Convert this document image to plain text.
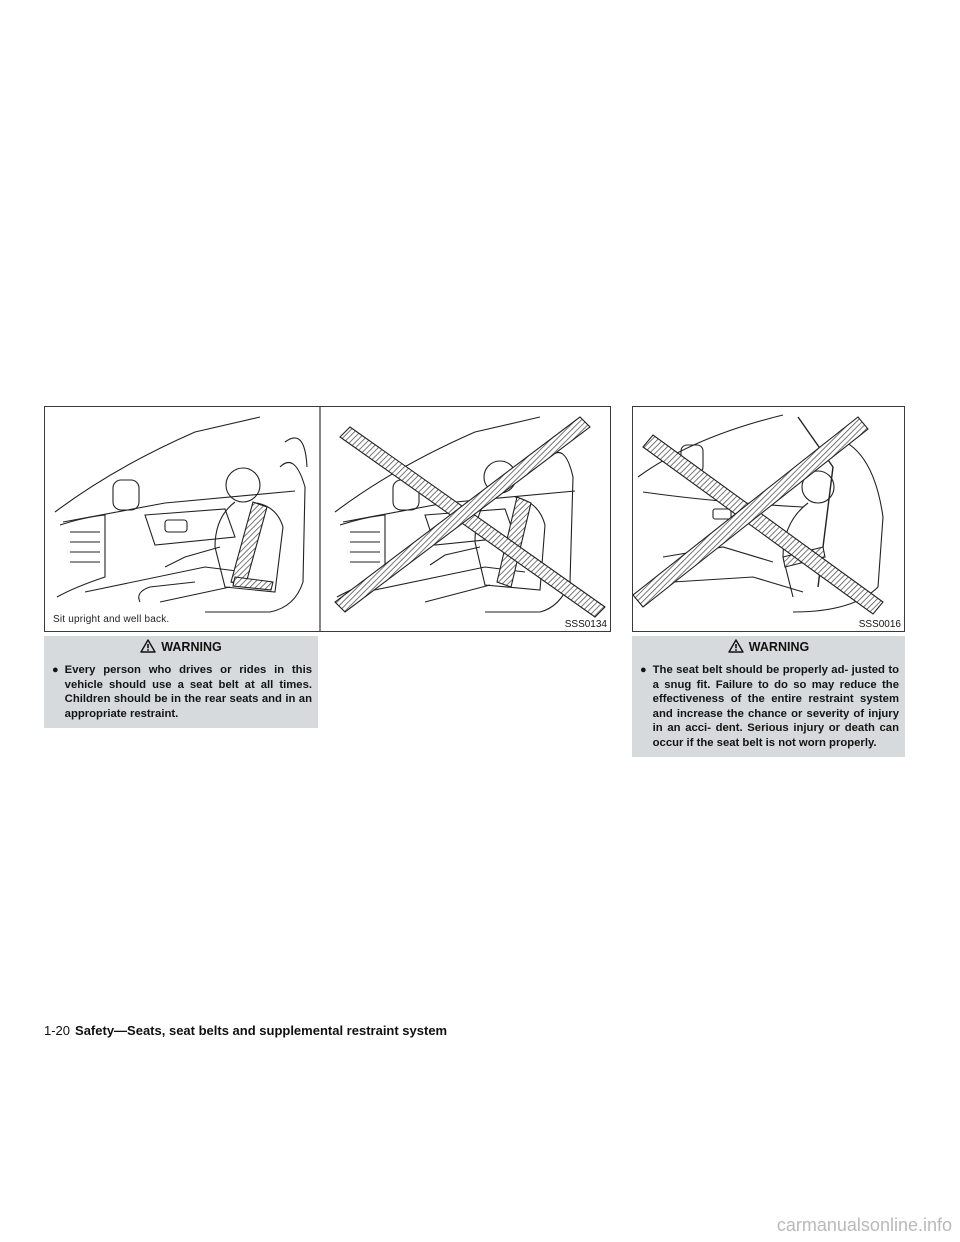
Sit upright and well back.	SSS0134	SSS0016
WARNING
● Every person who drives or rides in this vehicle should use a seat belt at all times. Children should be in the rear seats and in an appropriate restraint.
WARNING
● The seat belt should be properly ad- justed to a snug fit. Failure to do so may reduce the effectiveness of the entire restraint system and increase the chance or severity of injury in an acci- dent. Serious injury or death can occur if the seat belt is not worn properly.
1-20 Safety—Seats, seat belts and supplemental restraint system
carmanualsonline.info
